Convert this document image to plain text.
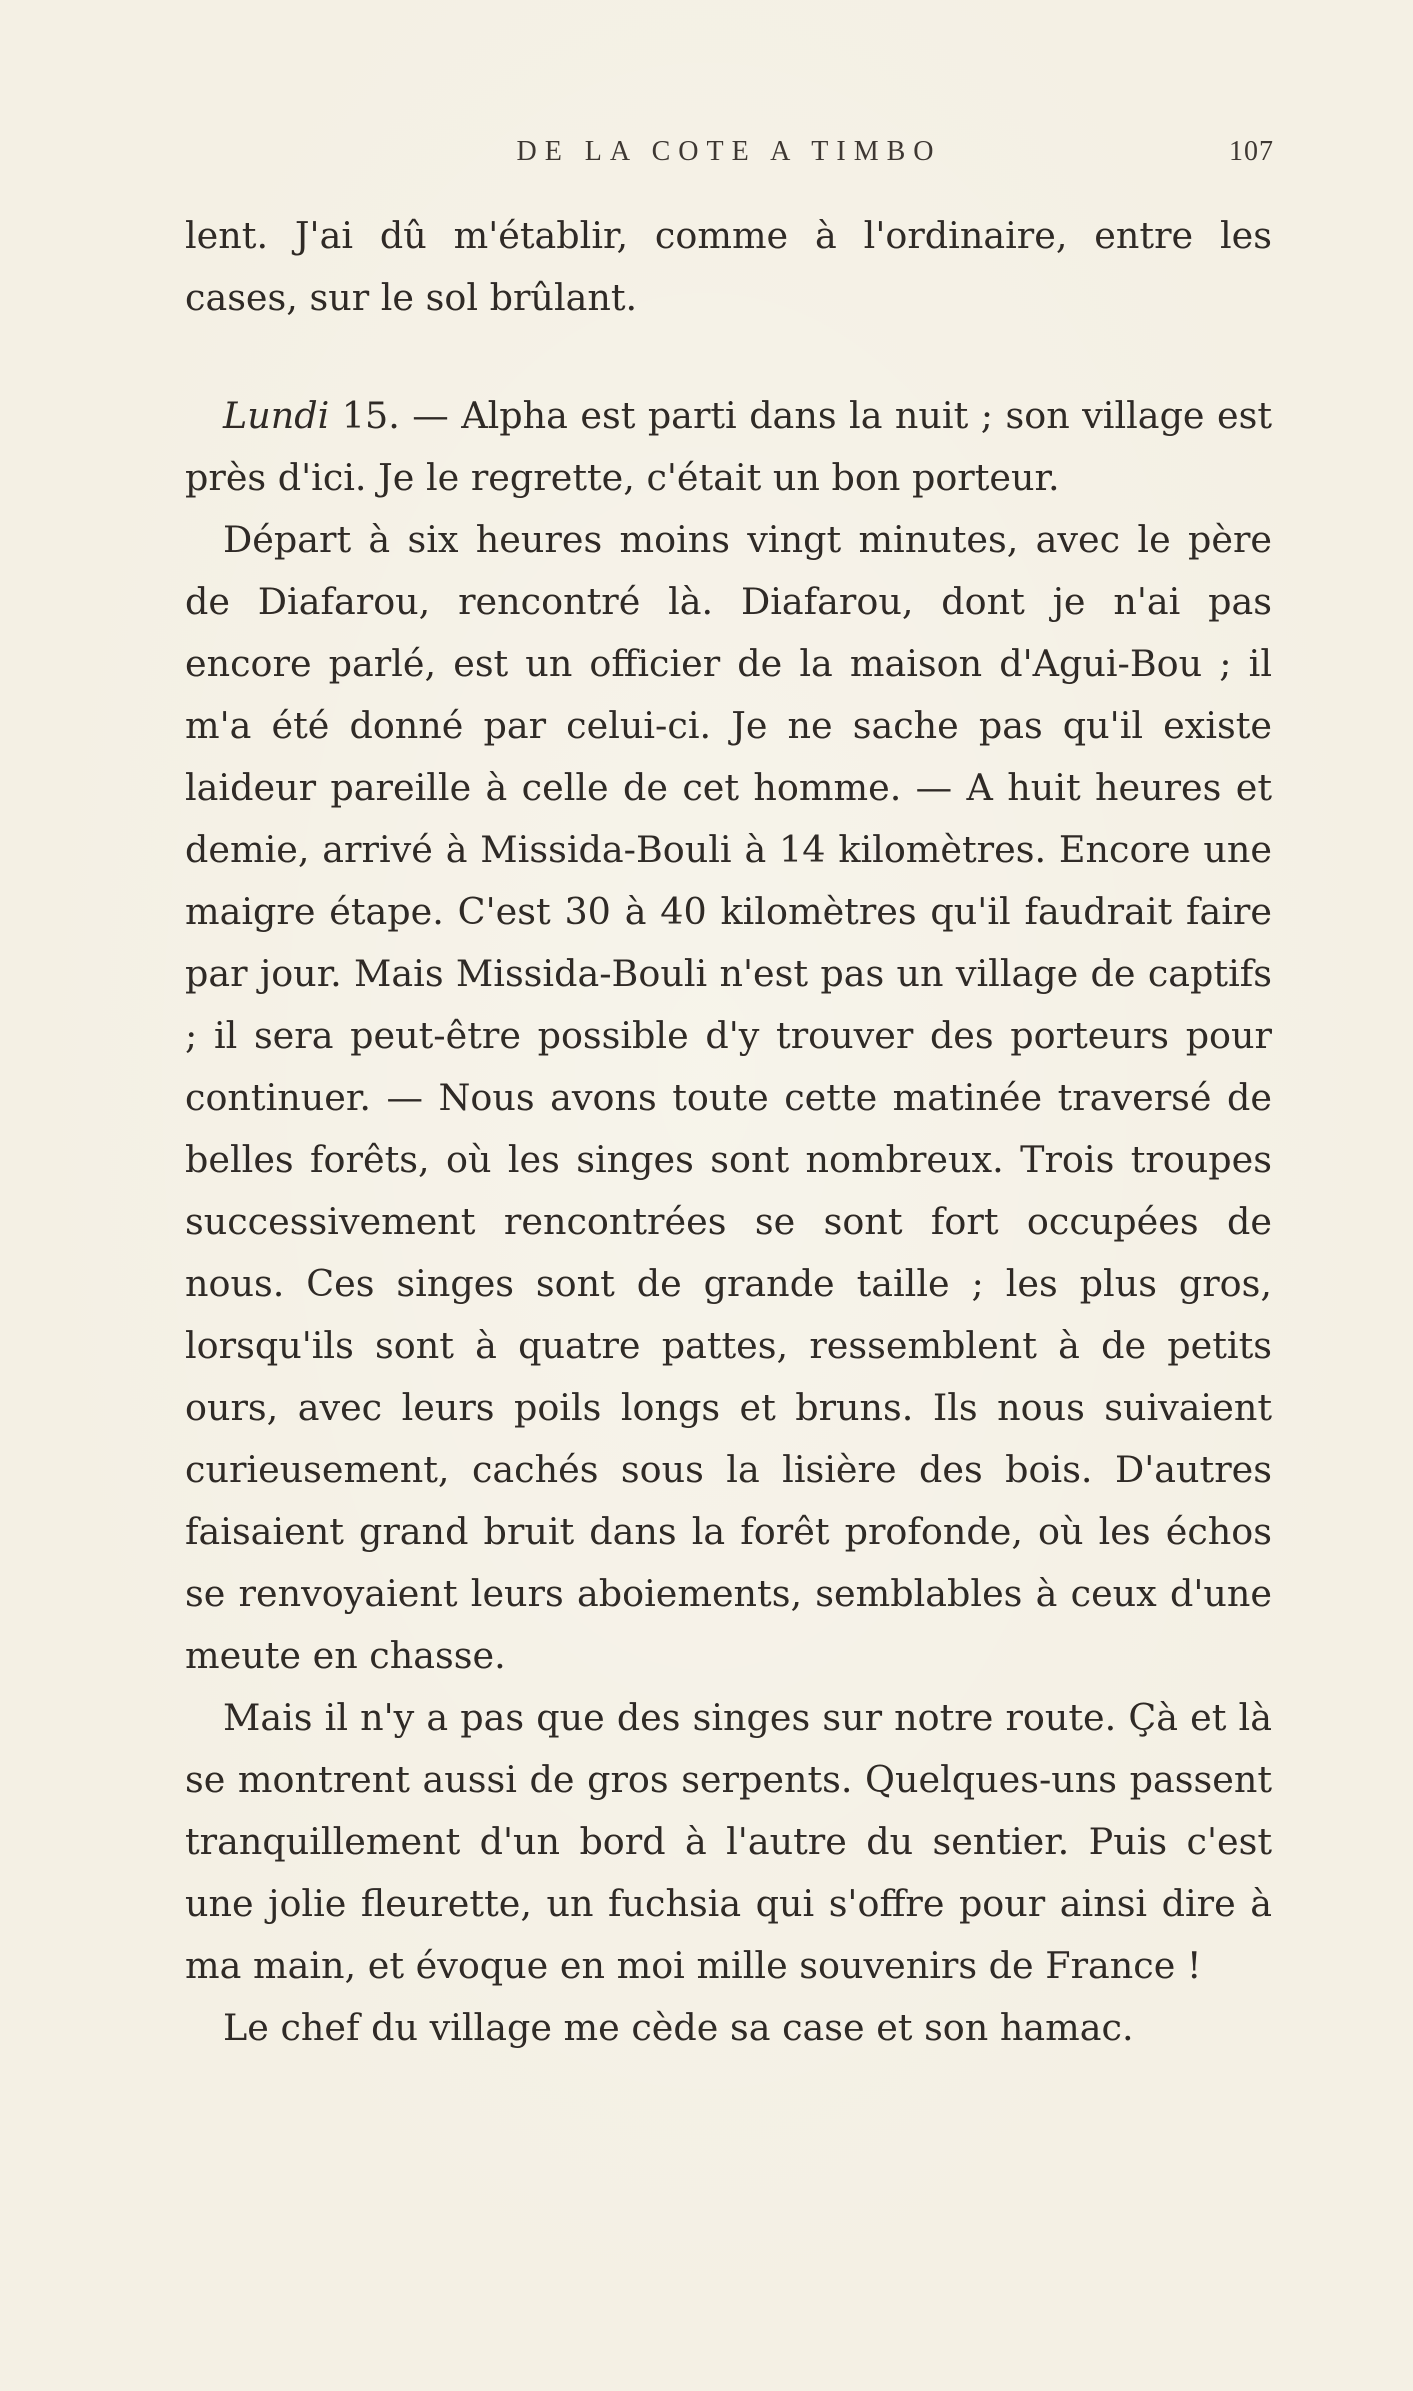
DE LA COTE A TIMBO	107

lent. J'ai dû m'établir, comme à l'ordinaire, entre les cases, sur le sol brûlant.

Lundi 15. — Alpha est parti dans la nuit ; son village est près d'ici. Je le regrette, c'était un bon porteur.

Départ à six heures moins vingt minutes, avec le père de Diafarou, rencontré là. Diafarou, dont je n'ai pas encore parlé, est un officier de la maison d'Agui-Bou ; il m'a été donné par celui-ci. Je ne sache pas qu'il existe laideur pareille à celle de cet homme. — A huit heures et demie, arrivé à Missida-Bouli à 14 kilomètres. Encore une maigre étape. C'est 30 à 40 kilomètres qu'il faudrait faire par jour. Mais Missida-Bouli n'est pas un village de captifs ; il sera peut-être possible d'y trouver des porteurs pour continuer. — Nous avons toute cette matinée traversé de belles forêts, où les singes sont nombreux. Trois troupes successivement rencontrées se sont fort occupées de nous. Ces singes sont de grande taille ; les plus gros, lorsqu'ils sont à quatre pattes, ressemblent à de petits ours, avec leurs poils longs et bruns. Ils nous suivaient curieusement, cachés sous la lisière des bois. D'autres faisaient grand bruit dans la forêt profonde, où les échos se renvoyaient leurs aboiements, semblables à ceux d'une meute en chasse.

Mais il n'y a pas que des singes sur notre route. Çà et là se montrent aussi de gros serpents. Quelques-uns passent tranquillement d'un bord à l'autre du sentier. Puis c'est une jolie fleurette, un fuchsia qui s'offre pour ainsi dire à ma main, et évoque en moi mille souvenirs de France !

Le chef du village me cède sa case et son hamac.
